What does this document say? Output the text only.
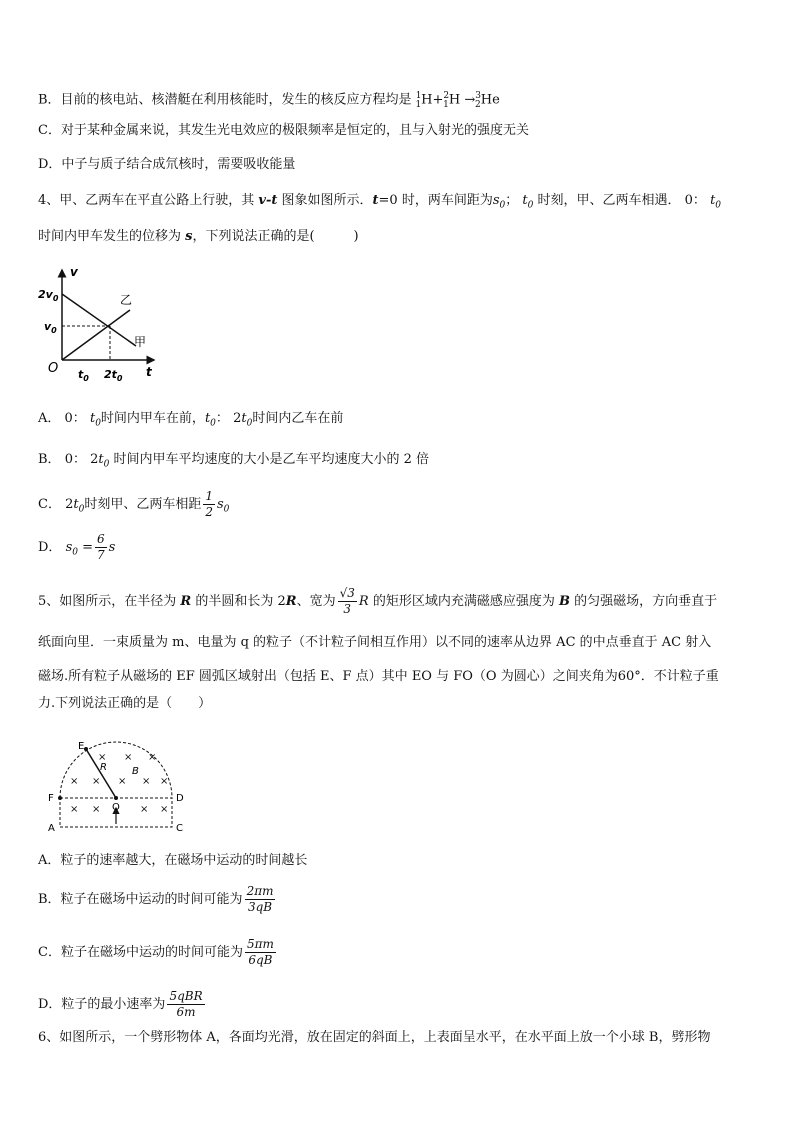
B．目前的核电站、核潜艇在利用核能时，发生的核反应方程均是 $^1_1$H+$^2_1$H →$^3_2$He
C．对于某种金属来说，其发生光电效应的极限频率是恒定的，且与入射光的强度无关
D．中子与质子结合成氘核时，需要吸收能量
4、甲、乙两车在平直公路上行驶，其 v-t 图象如图所示．t=0 时，两车间距为$s_0$； $t_0$ 时刻，甲、乙两车相遇． 0： $t_0$
时间内甲车发生的位移为 s，下列说法正确的是(　　　)
v
$2v_0$
$v_0$
O $t_0$ $2t_0$ t
乙
甲
A． 0： $t_0$时间内甲车在前，$t_0$： $2t_0$时间内乙车在前
B． 0： $2t_0$ 时间内甲车平均速度的大小是乙车平均速度大小的 2 倍
C． $2t_0$时刻甲、乙两车相距 $\frac{1}{2} s_0$
D． $s_0 = \frac{6}{7}$ s
5、如图所示，在半径为 R 的半圆和长为 2R、宽为 $\frac{√3}{3}$ R 的矩形区域内充满磁感应强度为 B 的匀强磁场，方向垂直于
纸面向里．一束质量为 m、电量为 q 的粒子（不计粒子间相互作用）以不同的速率从边界 AC 的中点垂直于 AC 射入
磁场.所有粒子从磁场的 EF 圆弧区域射出（包括 E、F 点）其中 EO 与 FO（O 为圆心）之间夹角为60°．不计粒子重
力.下列说法正确的是（　　）
E
R	B
F
O
D
A	C
× × ×
× × × × ×
× ×	× ×
A．粒子的速率越大，在磁场中运动的时间越长
B．粒子在磁场中运动的时间可能为 $\frac{2\pi m}{3qB}$
C．粒子在磁场中运动的时间可能为 $\frac{5\pi m}{6qB}$
D．粒子的最小速率为 $\frac{\text{5qBR}}{6m}$
6、如图所示，一个劈形物体 A，各面均光滑，放在固定的斜面上，上表面呈水平，在水平面上放一个小球 B，劈形物
